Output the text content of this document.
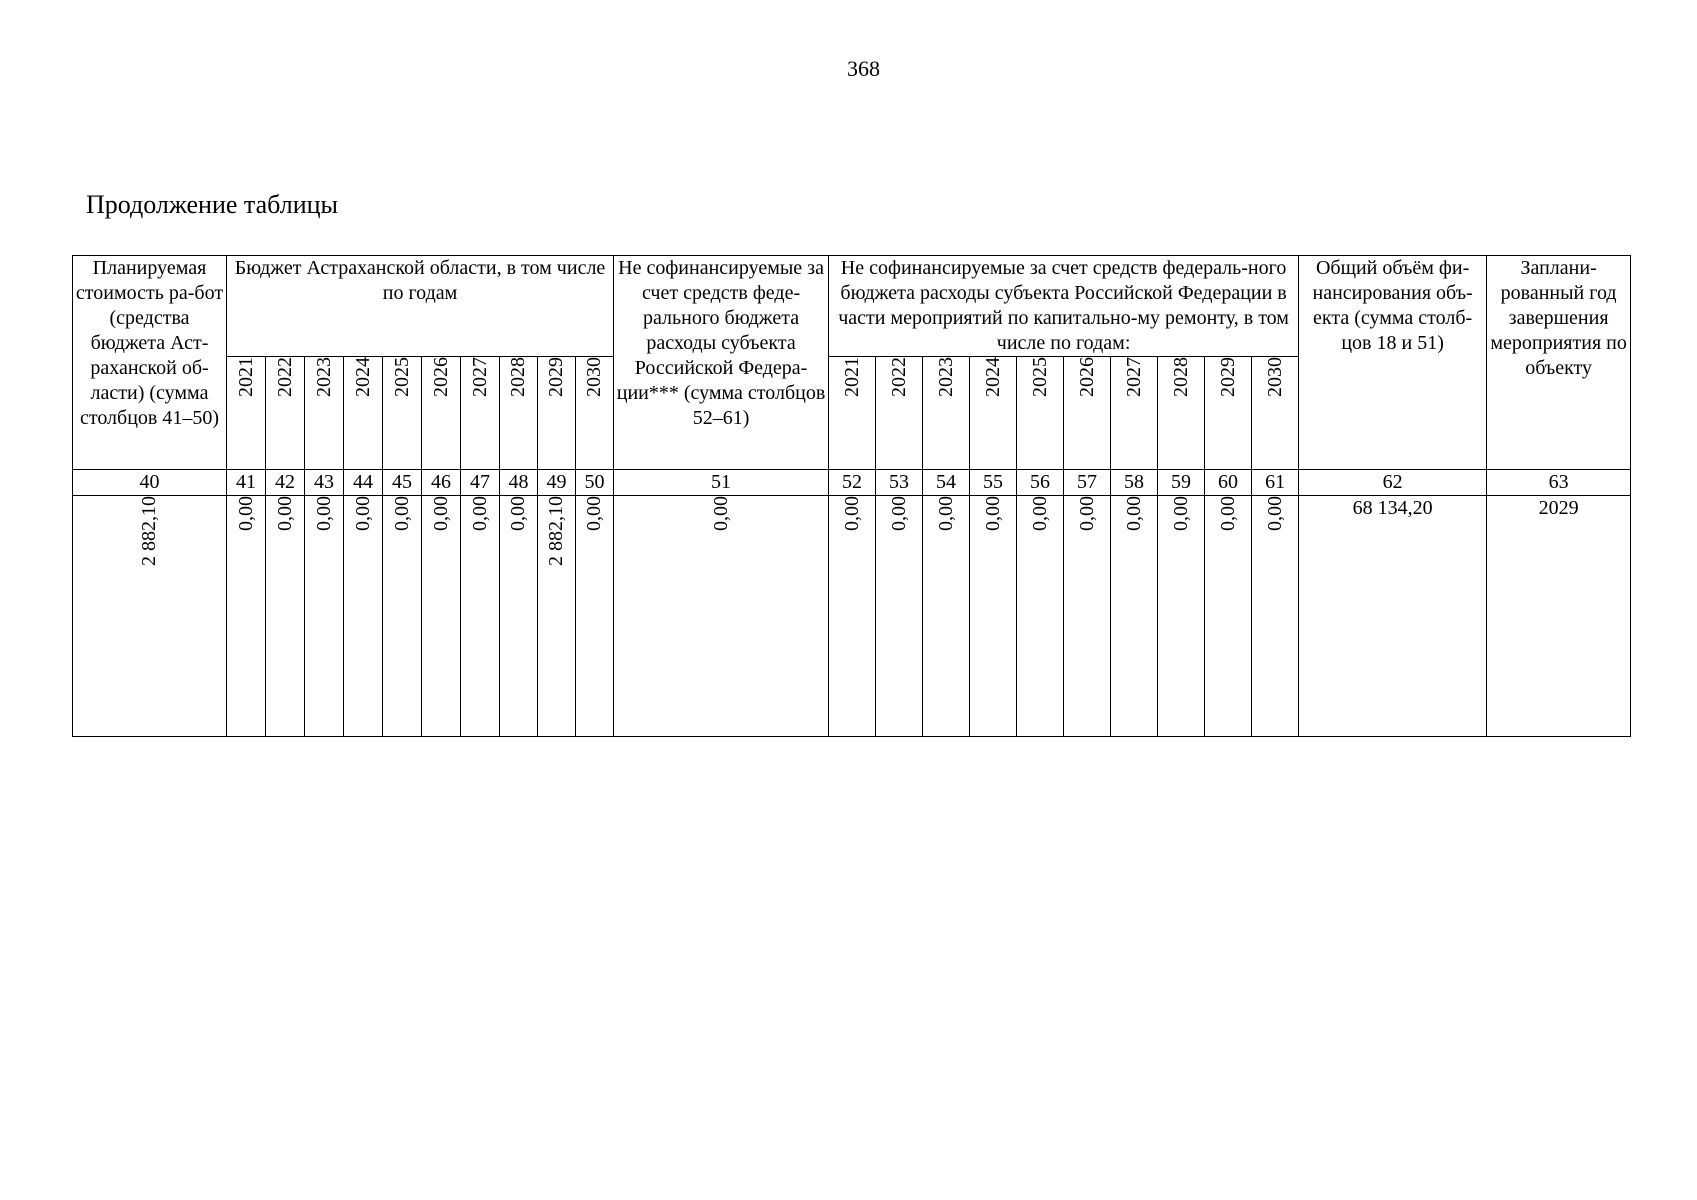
368
Продолжение таблицы
Планируемая стоимость ра-бот (средства бюджета Аст-раханской об-ласти) (сумма столбцов 41–50)	Бюджет Астраханской области, в том числе по годам										Не софинансируемые за счет средств феде-рального бюджета расходы субъекта Российской Федера-ции*** (сумма столбцов 52–61)	Не софинансируемые за счет средств федераль-ного бюджета расходы субъекта Российской Федерации в части мероприятий по капитально-му ремонту, в том числе по годам:										Общий объём фи-нансирования объ-екта (сумма столб-цов 18 и 51)	Заплани-рованный год завершения мероприятия по объекту

	2021	2022	2023	2024	2025	2026	2027	2028	2029	2030		2021	2022	2023	2024	2025	2026	2027	2028	2029	2030		
40	41	42	43	44	45	46	47	48	49	50	51	52	53	54	55	56	57	58	59	60	61	62	63
2 882,10	0,00	0,00	0,00	0,00	0,00	0,00	0,00	0,00	2 882,10	0,00	0,00	0,00	0,00	0,00	0,00	0,00	0,00	0,00	0,00	0,00	0,00	68 134,20	2029
